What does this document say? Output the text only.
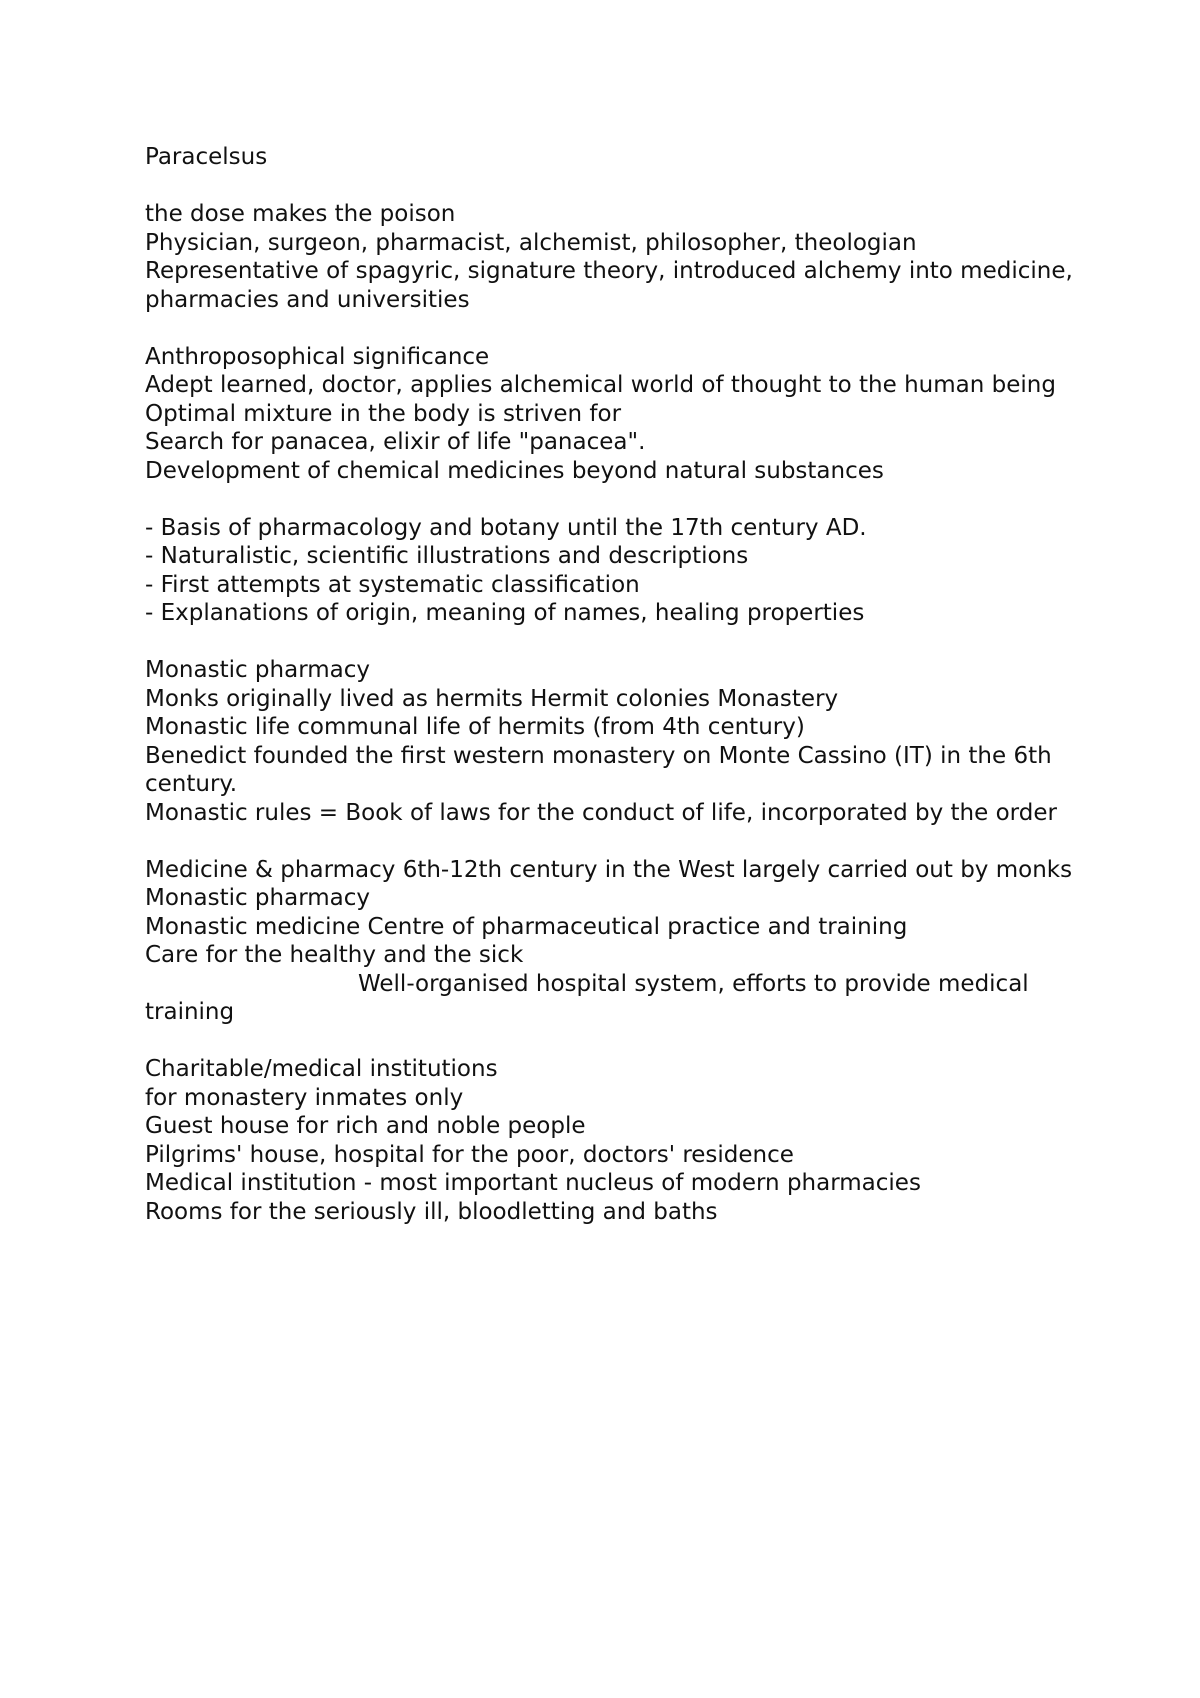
Paracelsus
the dose makes the poison
Physician, surgeon, pharmacist, alchemist, philosopher, theologian
Representative of spagyric, signature theory, introduced alchemy into medicine, pharmacies and universities
Anthroposophical significance
Adept learned, doctor, applies alchemical world of thought to the human being
Optimal mixture in the body is striven for
Search for panacea, elixir of life "panacea".
Development of chemical medicines beyond natural substances
- Basis of pharmacology and botany until the 17th century AD.
- Naturalistic, scientific illustrations and descriptions
- First attempts at systematic classification
- Explanations of origin, meaning of names, healing properties
Monastic pharmacy
Monks originally lived as hermits Hermit colonies Monastery
Monastic life communal life of hermits (from 4th century)
Benedict founded the first western monastery on Monte Cassino (IT) in the 6th century.
Monastic rules = Book of laws for the conduct of life, incorporated by the order
Medicine & pharmacy 6th-12th century in the West largely carried out by monks Monastic pharmacy
Monastic medicine Centre of pharmaceutical practice and training
Care for the healthy and the sick
Well-organised hospital system, efforts to provide medical training
Charitable/medical institutions
for monastery inmates only
Guest house for rich and noble people
Pilgrims' house, hospital for the poor, doctors' residence
Medical institution - most important nucleus of modern pharmacies
Rooms for the seriously ill, bloodletting and baths
